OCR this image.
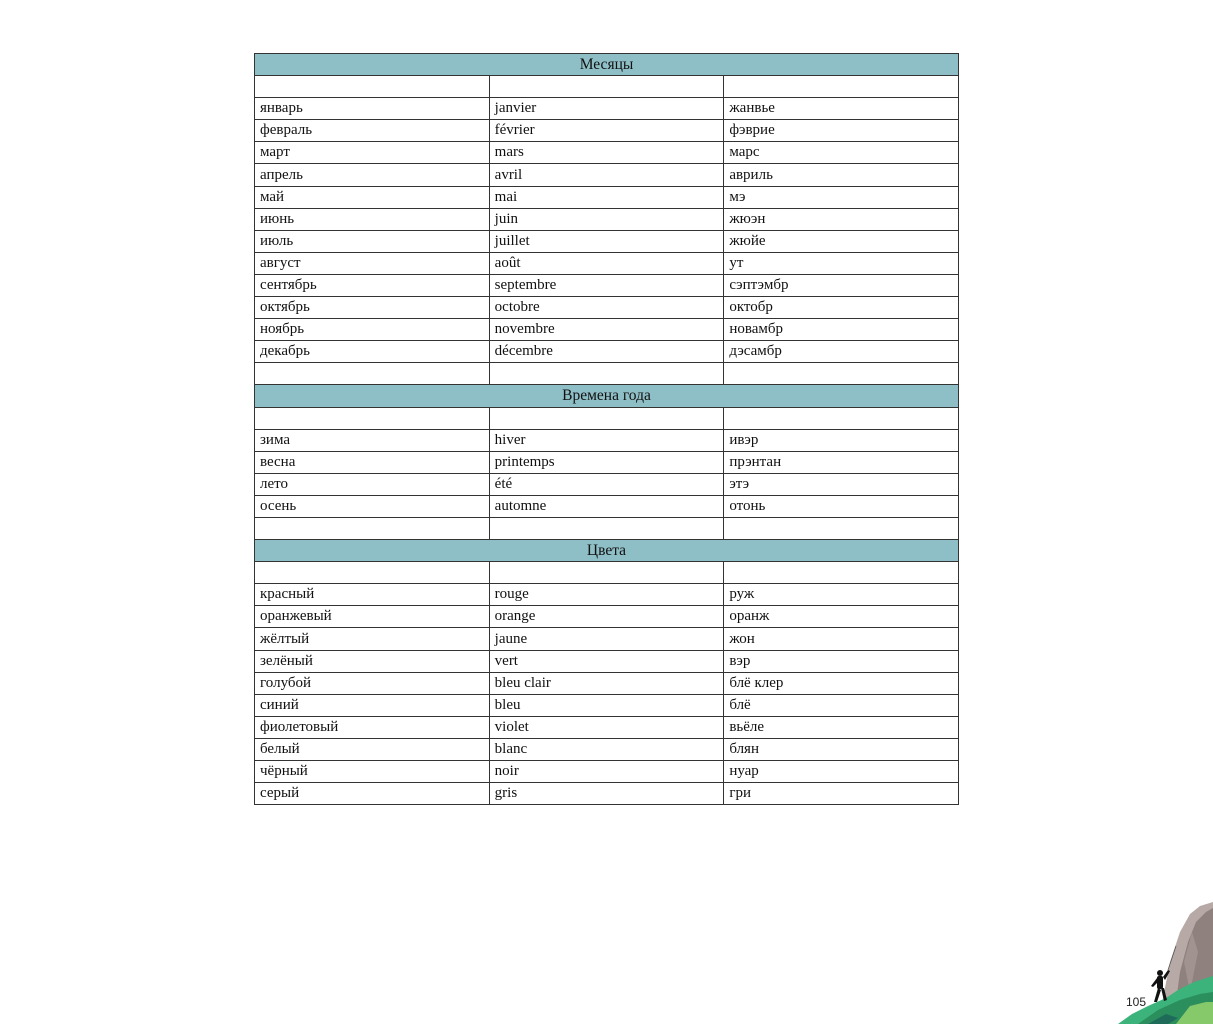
Месяцы		

январь	janvier	жанвье
февраль	février	фэврие
март	mars	марс
апрель	avril	авриль
май	mai	мэ
июнь	juin	жюэн
июль	juillet	жюйе
август	août	ут
сентябрь	septembre	сэптэмбр
октябрь	octobre	октобр
ноябрь	novembre	новамбр
декабрь	décembre	дэсамбр

Времена года		

зима	hiver	ивэр
весна	printemps	прэнтан
лето	été	этэ
осень	automne	отонь

Цвета		

красный	rouge	руж
оранжевый	orange	оранж
жёлтый	jaune	жон
зелёный	vert	вэр
голубой	bleu clair	блё клер
синий	bleu	блё
фиолетовый	violet	вьёле
белый	blanc	блян
чёрный	noir	нуар
серый	gris	гри
105
